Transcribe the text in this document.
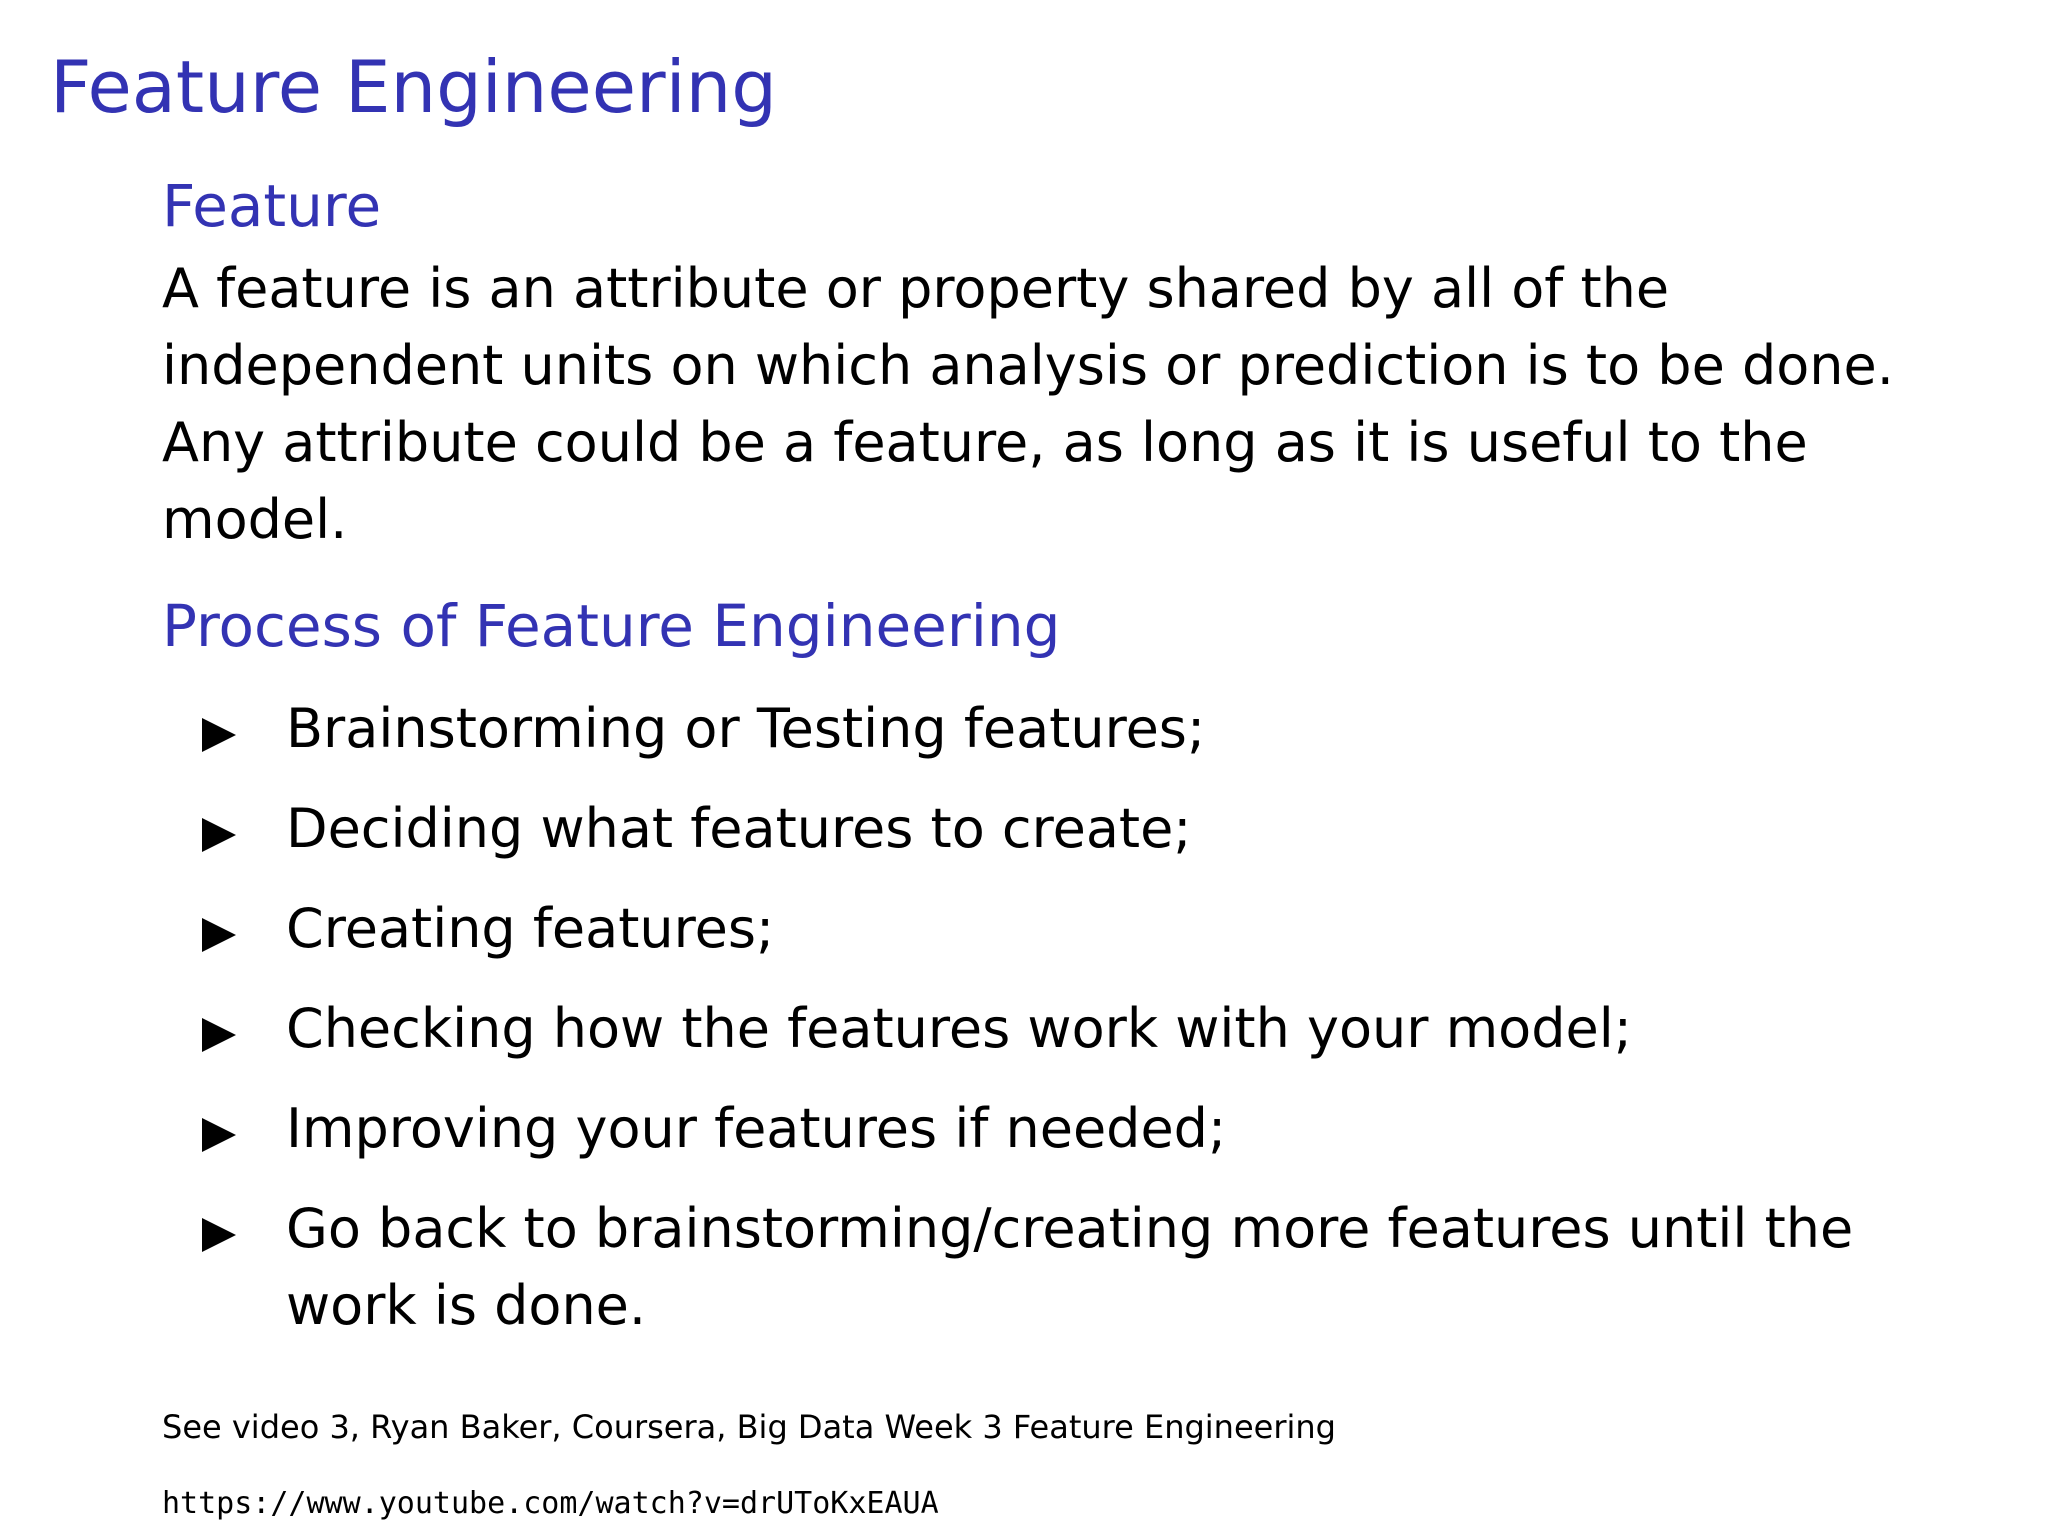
Feature Engineering
Feature

A feature is an attribute or property shared by all of the independent units on which analysis or prediction is to be done. Any attribute could be a feature, as long as it is useful to the model.

Process of Feature Engineering
Brainstorming or Testing features;
Deciding what features to create;
Creating features;
Checking how the features work with your model;
Improving your features if needed;
Go back to brainstorming/creating more features until the work is done.
See video 3, Ryan Baker, Coursera, Big Data Week 3 Feature Engineering
https://www.youtube.com/watch?v=drUToKxEAUA
